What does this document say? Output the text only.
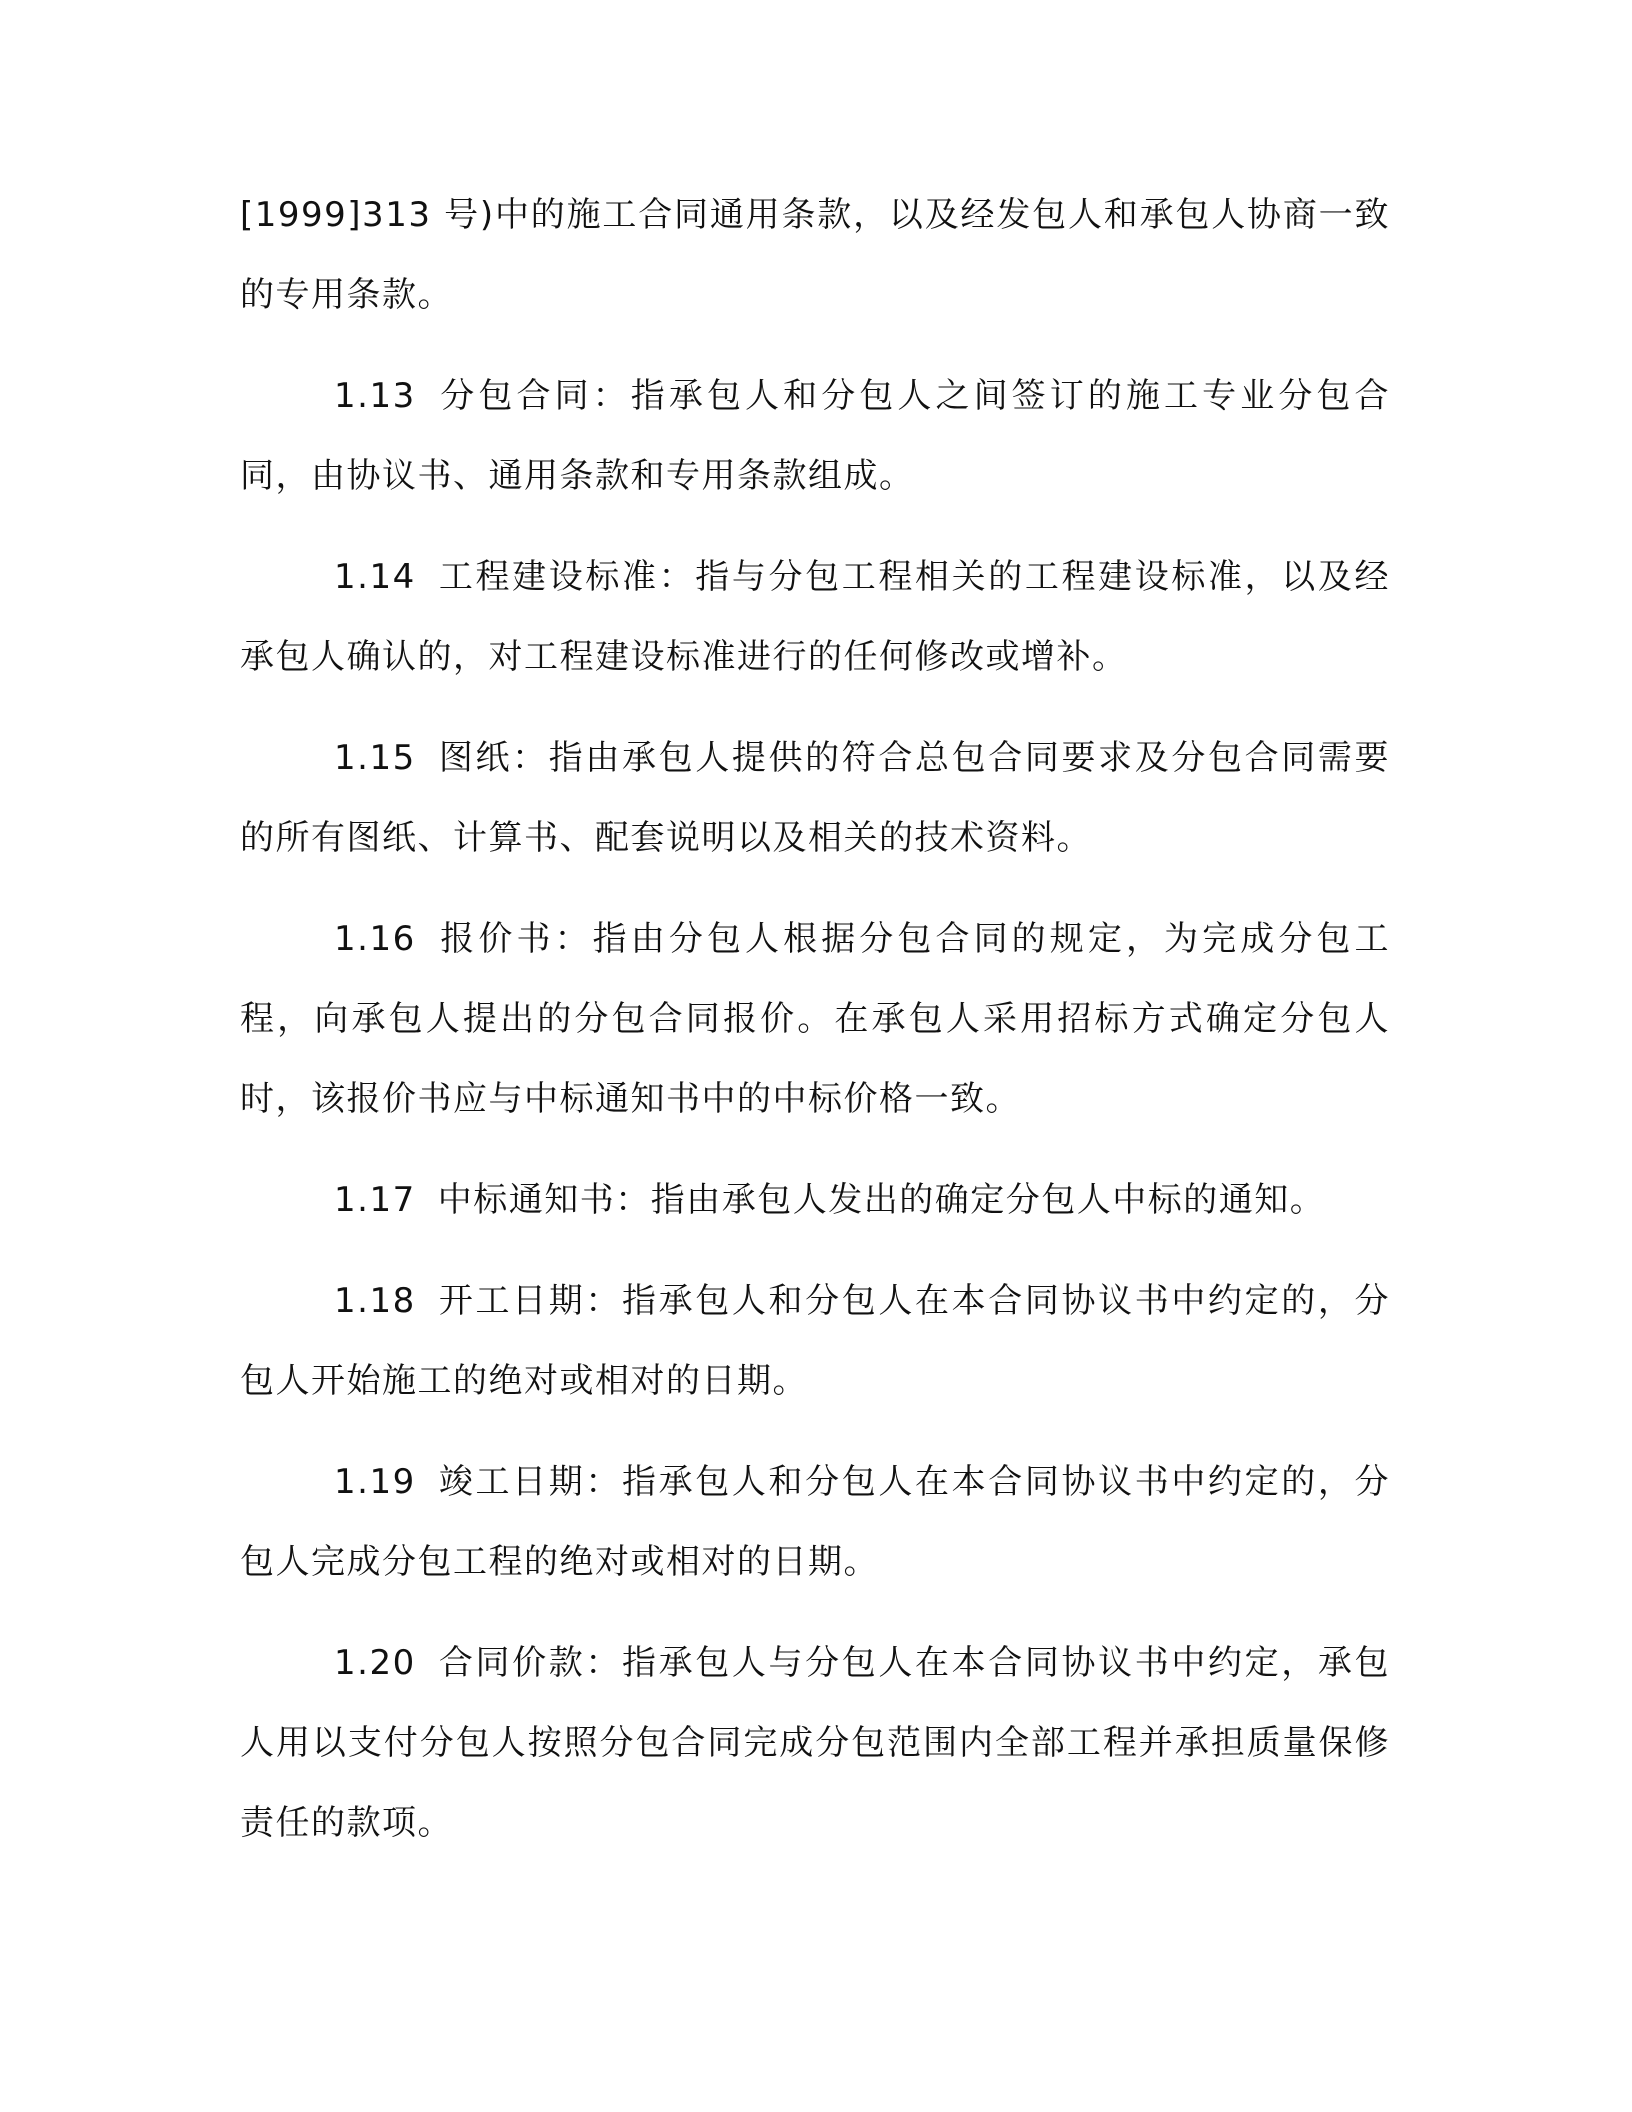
[1999]313 号)中的施工合同通用条款，以及经发包人和承包人协商一致的专用条款。

1.13 分包合同：指承包人和分包人之间签订的施工专业分包合同，由协议书、通用条款和专用条款组成。

1.14 工程建设标准：指与分包工程相关的工程建设标准，以及经承包人确认的，对工程建设标准进行的任何修改或增补。

1.15 图纸：指由承包人提供的符合总包合同要求及分包合同需要的所有图纸、计算书、配套说明以及相关的技术资料。

1.16 报价书：指由分包人根据分包合同的规定，为完成分包工程，向承包人提出的分包合同报价。在承包人采用招标方式确定分包人时，该报价书应与中标通知书中的中标价格一致。

1.17 中标通知书：指由承包人发出的确定分包人中标的通知。

1.18 开工日期：指承包人和分包人在本合同协议书中约定的，分包人开始施工的绝对或相对的日期。

1.19 竣工日期：指承包人和分包人在本合同协议书中约定的，分包人完成分包工程的绝对或相对的日期。

1.20 合同价款：指承包人与分包人在本合同协议书中约定，承包人用以支付分包人按照分包合同完成分包范围内全部工程并承担质量保修责任的款项。
